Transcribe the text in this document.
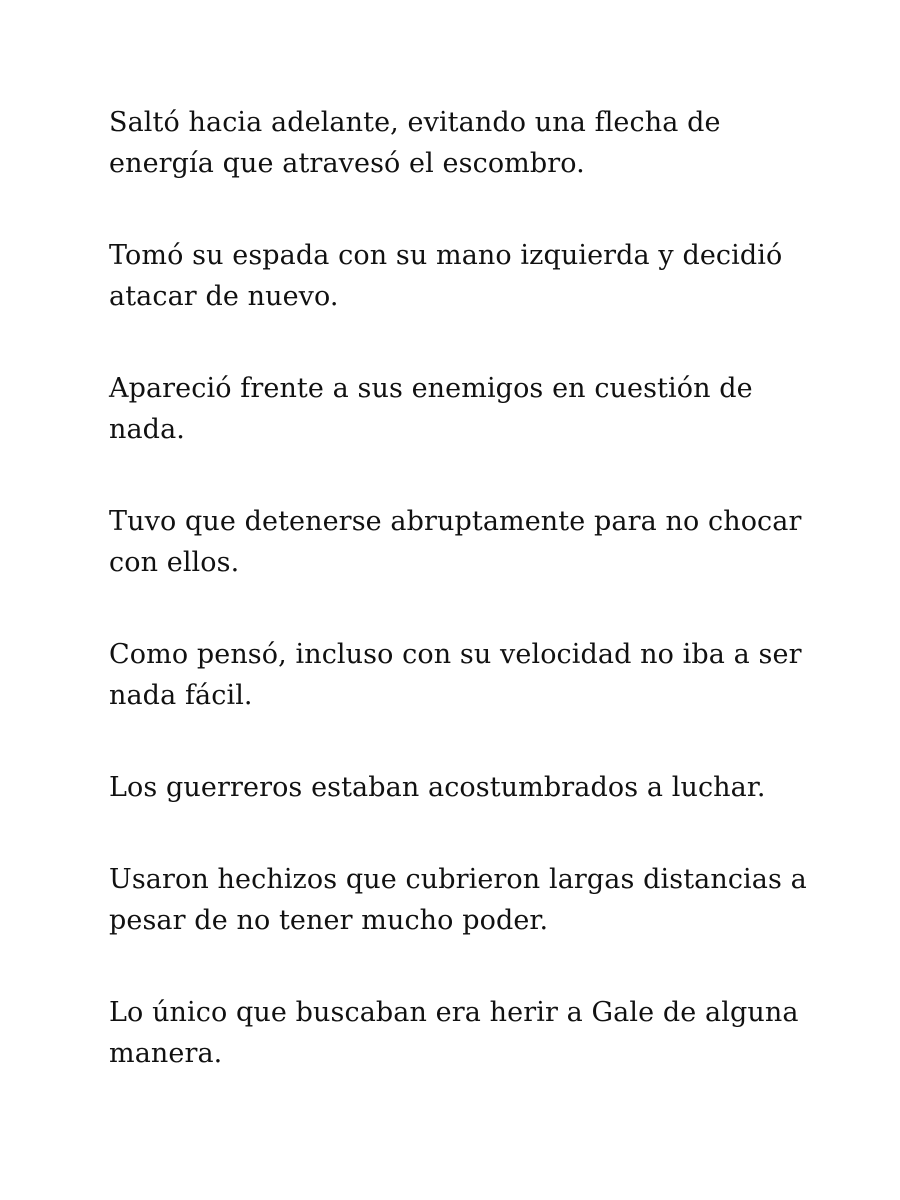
Saltó hacia adelante, evitando una flecha de energía que atravesó el escombro.

Tomó su espada con su mano izquierda y decidió atacar de nuevo.

Apareció frente a sus enemigos en cuestión de nada.

Tuvo que detenerse abruptamente para no chocar con ellos.

Como pensó, incluso con su velocidad no iba a ser nada fácil.

Los guerreros estaban acostumbrados a luchar.

Usaron hechizos que cubrieron largas distancias a pesar de no tener mucho poder.

Lo único que buscaban era herir a Gale de alguna manera.
